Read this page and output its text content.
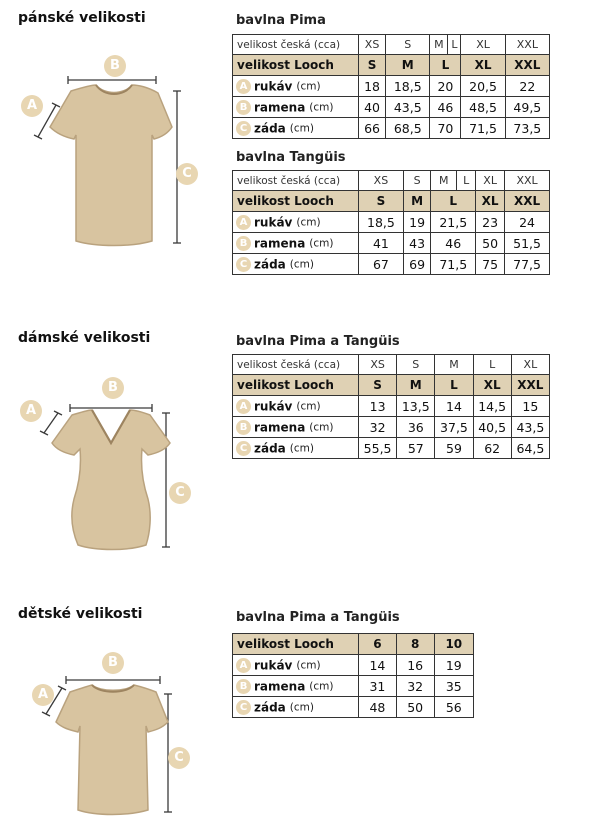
pánské velikosti
B
A
C
bavlna Pima
velikost česká (cca)	XS	S	M	L	XL	XXL
velikost Looch	S	M	L		XL	XXL
A rukáv (cm)	18	18,5	20		20,5	22
B ramena (cm)	40	43,5	46		48,5	49,5
C záda (cm)	66	68,5	70		71,5	73,5
bavlna Tangüis
velikost česká (cca)	XS	S	M	L	XL	XXL
velikost Looch	S	M	L		XL	XXL
A rukáv (cm)	18,5	19	21,5		23	24
B ramena (cm)	41	43	46		50	51,5
C záda (cm)	67	69	71,5		75	77,5
dámské velikosti
B
A
C
bavlna Pima a Tangüis
velikost česká (cca)	XS	S	M	L	XL
velikost Looch	S	M	L	XL	XXL
A rukáv (cm)	13	13,5	14	14,5	15
B ramena (cm)	32	36	37,5	40,5	43,5
C záda (cm)	55,5	57	59	62	64,5
dětské velikosti
B
A
C
bavlna Pima a Tangüis
velikost Looch	6	8	10
A rukáv (cm)	14	16	19
B ramena (cm)	31	32	35
C záda (cm)	48	50	56
